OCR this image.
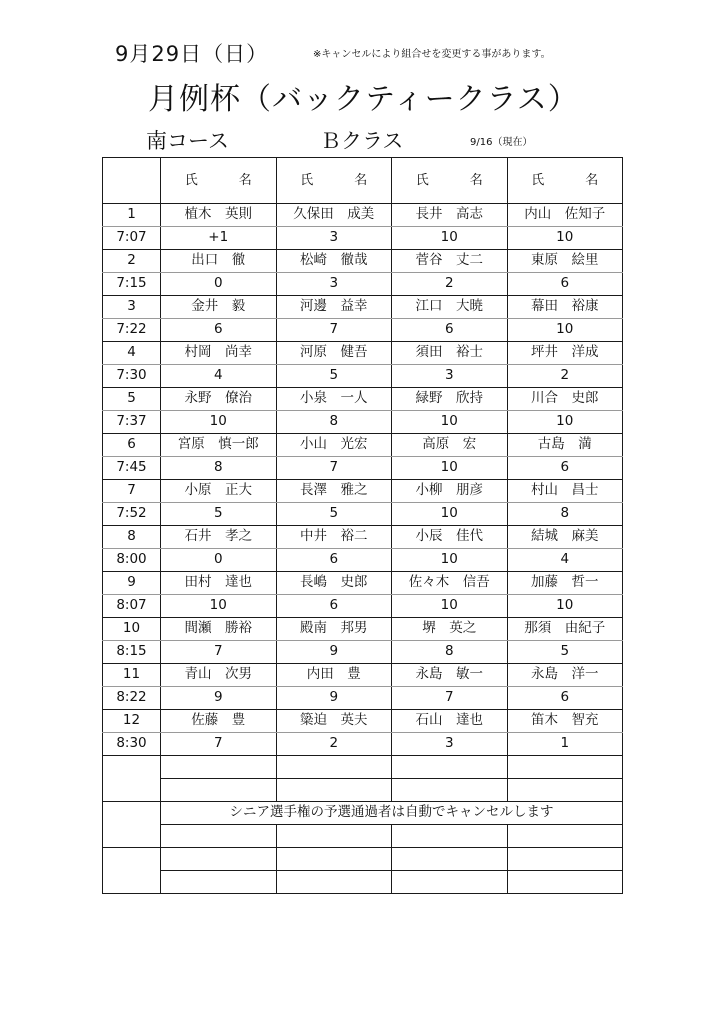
9月29日（日）	※キャンセルにより組合せを変更する事があります。
月例杯（バックティークラス）
南コース	Ｂクラス	9/16（現在）
	氏　名	氏　名	氏　名	氏　名
1	植木　英則	久保田　成美	長井　高志	内山　佐知子
7:07	+1	3	10	10
2	出口　徹	松崎　徹哉	菅谷　丈二	東原　絵里
7:15	0	3	2	6
3	金井　毅	河邊　益幸	江口　大暁	幕田　裕康
7:22	6	7	6	10
4	村岡　尚幸	河原　健吾	須田　裕士	坪井　洋成
7:30	4	5	3	2
5	永野　僚治	小泉　一人	緑野　欣持	川合　史郎
7:37	10	8	10	10
6	宮原　慎一郎	小山　光宏	高原　宏	古島　満
7:45	8	7	10	6
7	小原　正大	長澤　雅之	小柳　朋彦	村山　昌士
7:52	5	5	10	8
8	石井　孝之	中井　裕二	小辰　佳代	結城　麻美
8:00	0	6	10	4
9	田村　達也	長嶋　史郎	佐々木　信吾	加藤　哲一
8:07	10	6	10	10
10	間瀬　勝裕	殿南　邦男	堺　英之	那須　由紀子
8:15	7	9	8	5
11	青山　次男	内田　豊	永島　敏一	永島　洋一
8:22	9	9	7	6
12	佐藤　豊	簗迫　英夫	石山　達也	笛木　智充
8:30	7	2	3	1

	シニア選手権の予選通過者は自動でキャンセルします			
